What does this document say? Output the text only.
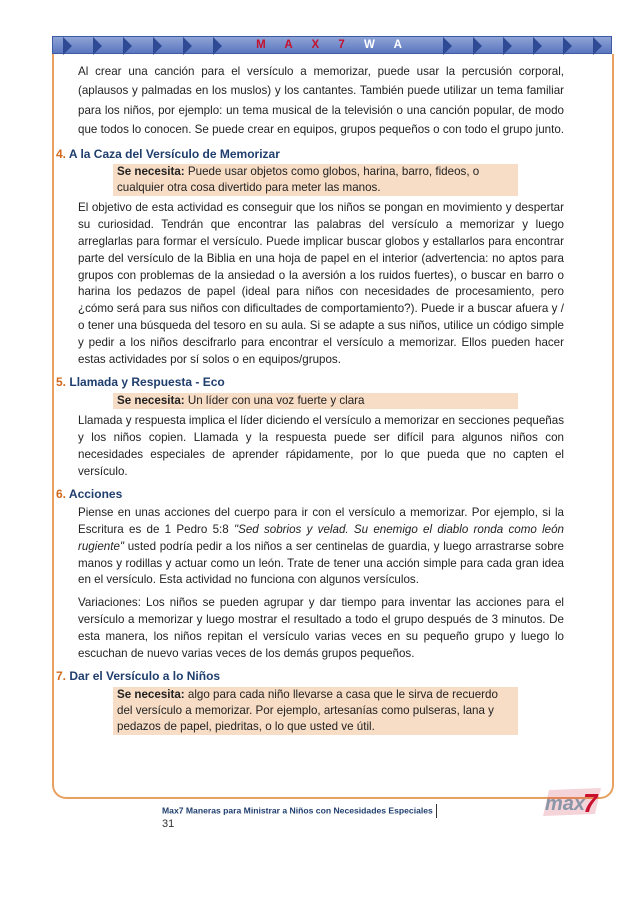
M A X 7 W A Y S

Al crear una canción para el versículo a memorizar, puede usar la percusión corporal, (aplausos y palmadas en los muslos) y los cantantes. También puede utilizar un tema familiar para los niños, por ejemplo: un tema musical de la televisión o una canción popular, de modo que todos lo conocen. Se puede crear en equipos, grupos pequeños o con todo el grupo junto.

4. A la Caza del Versículo de Memorizar
Se necesita: Puede usar objetos como globos, harina, barro, fideos, o cualquier otra cosa divertido para meter las manos.

El objetivo de esta actividad es conseguir que los niños se pongan en movimiento y despertar su curiosidad. Tendrán que encontrar las palabras del versículo a memorizar y luego arreglarlas para formar el versículo. Puede implicar buscar globos y estallarlos para encontrar parte del versículo de la Biblia en una hoja de papel en el interior (advertencia: no aptos para grupos con problemas de la ansiedad o la aversión a los ruidos fuertes), o buscar en barro o harina los pedazos de papel (ideal para niños con necesidades de procesamiento, pero ¿cómo será para sus niños con dificultades de comportamiento?). Puede ir a buscar afuera y / o tener una búsqueda del tesoro en su aula. Si se adapte a sus niños, utilice un código simple y pedir a los niños descifrarlo para encontrar el versículo a memorizar. Ellos pueden hacer estas actividades por sí solos o en equipos/grupos.

5. Llamada y Respuesta - Eco
Se necesita: Un líder con una voz fuerte y clara

Llamada y respuesta implica el líder diciendo el versículo a memorizar en secciones pequeñas y los niños copien. Llamada y la respuesta puede ser difícil para algunos niños con necesidades especiales de aprender rápidamente, por lo que pueda que no capten el versículo.

6. Acciones

Piense en unas acciones del cuerpo para ir con el versículo a memorizar. Por ejemplo, si la Escritura es de 1 Pedro 5:8 "Sed sobrios y velad. Su enemigo el diablo ronda como león rugiente" usted podría pedir a los niños a ser centinelas de guardia, y luego arrastrarse sobre manos y rodillas y actuar como un león. Trate de tener una acción simple para cada gran idea en el versículo. Esta actividad no funciona con algunos versículos.

Variaciones: Los niños se pueden agrupar y dar tiempo para inventar las acciones para el versículo a memorizar y luego mostrar el resultado a todo el grupo después de 3 minutos. De esta manera, los niños repitan el versículo varias veces en su pequeño grupo y luego lo escuchan de nuevo varias veces de los demás grupos pequeños.

7. Dar el Versículo a lo Niños
Se necesita: algo para cada niño llevarse a casa que le sirva de recuerdo del versículo a memorizar. Por ejemplo, artesanías como pulseras, lana y pedazos de papel, piedritas, o lo que usted ve útil.
Max7 Maneras para Ministrar a Niños con Necesidades Especiales31
max
7
